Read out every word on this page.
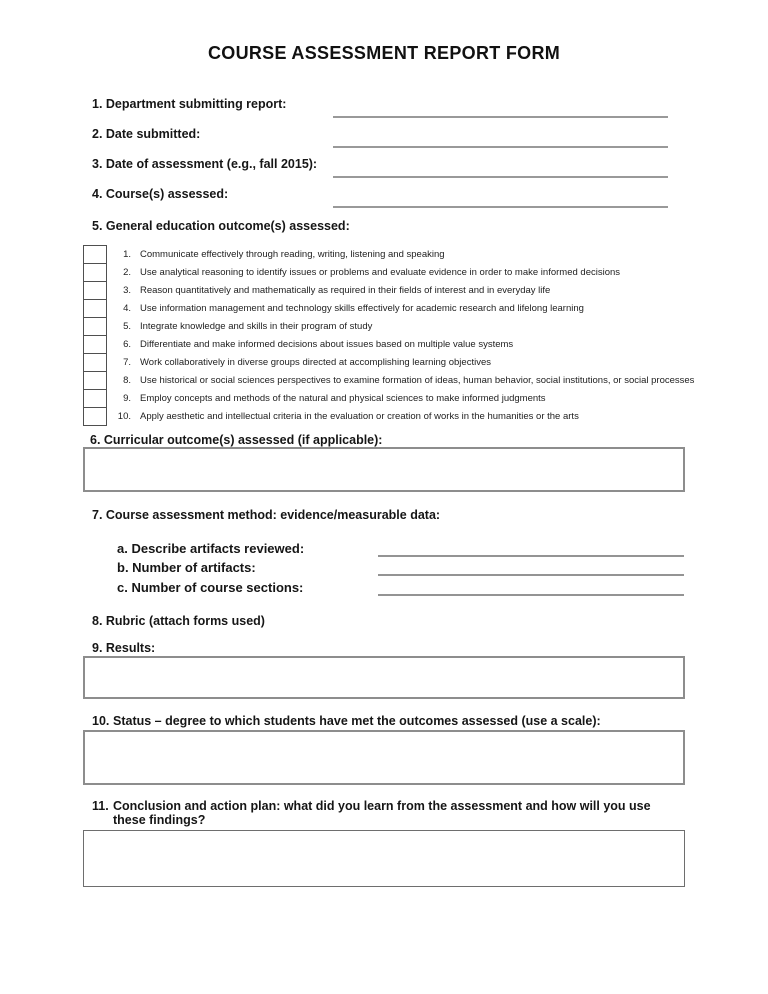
COURSE ASSESSMENT REPORT FORM
1. Department submitting report:
2. Date submitted:
3. Date of assessment (e.g., fall 2015):
4. Course(s) assessed:
5. General education outcome(s) assessed:
1. Communicate effectively through reading, writing, listening and speaking
2. Use analytical reasoning to identify issues or problems and evaluate evidence in order to make informed decisions
3. Reason quantitatively and mathematically as required in their fields of interest and in everyday life
4. Use information management and technology skills effectively for academic research and lifelong learning
5. Integrate knowledge and skills in their program of study
6. Differentiate and make informed decisions about issues based on multiple value systems
7. Work collaboratively in diverse groups directed at accomplishing learning objectives
8. Use historical or social sciences perspectives to examine formation of ideas, human behavior, social institutions, or social processes
9. Employ concepts and methods of the natural and physical sciences to make informed judgments
10. Apply aesthetic and intellectual criteria in the evaluation or creation of works in the humanities or the arts
6. Curricular outcome(s) assessed (if applicable):
7. Course assessment method: evidence/measurable data:
a. Describe artifacts reviewed:
b. Number of artifacts:
c. Number of course sections:
8. Rubric (attach forms used)
9. Results:
10. Status – degree to which students have met the outcomes assessed (use a scale):
11. Conclusion and action plan: what did you learn from the assessment and how will you use these findings?
